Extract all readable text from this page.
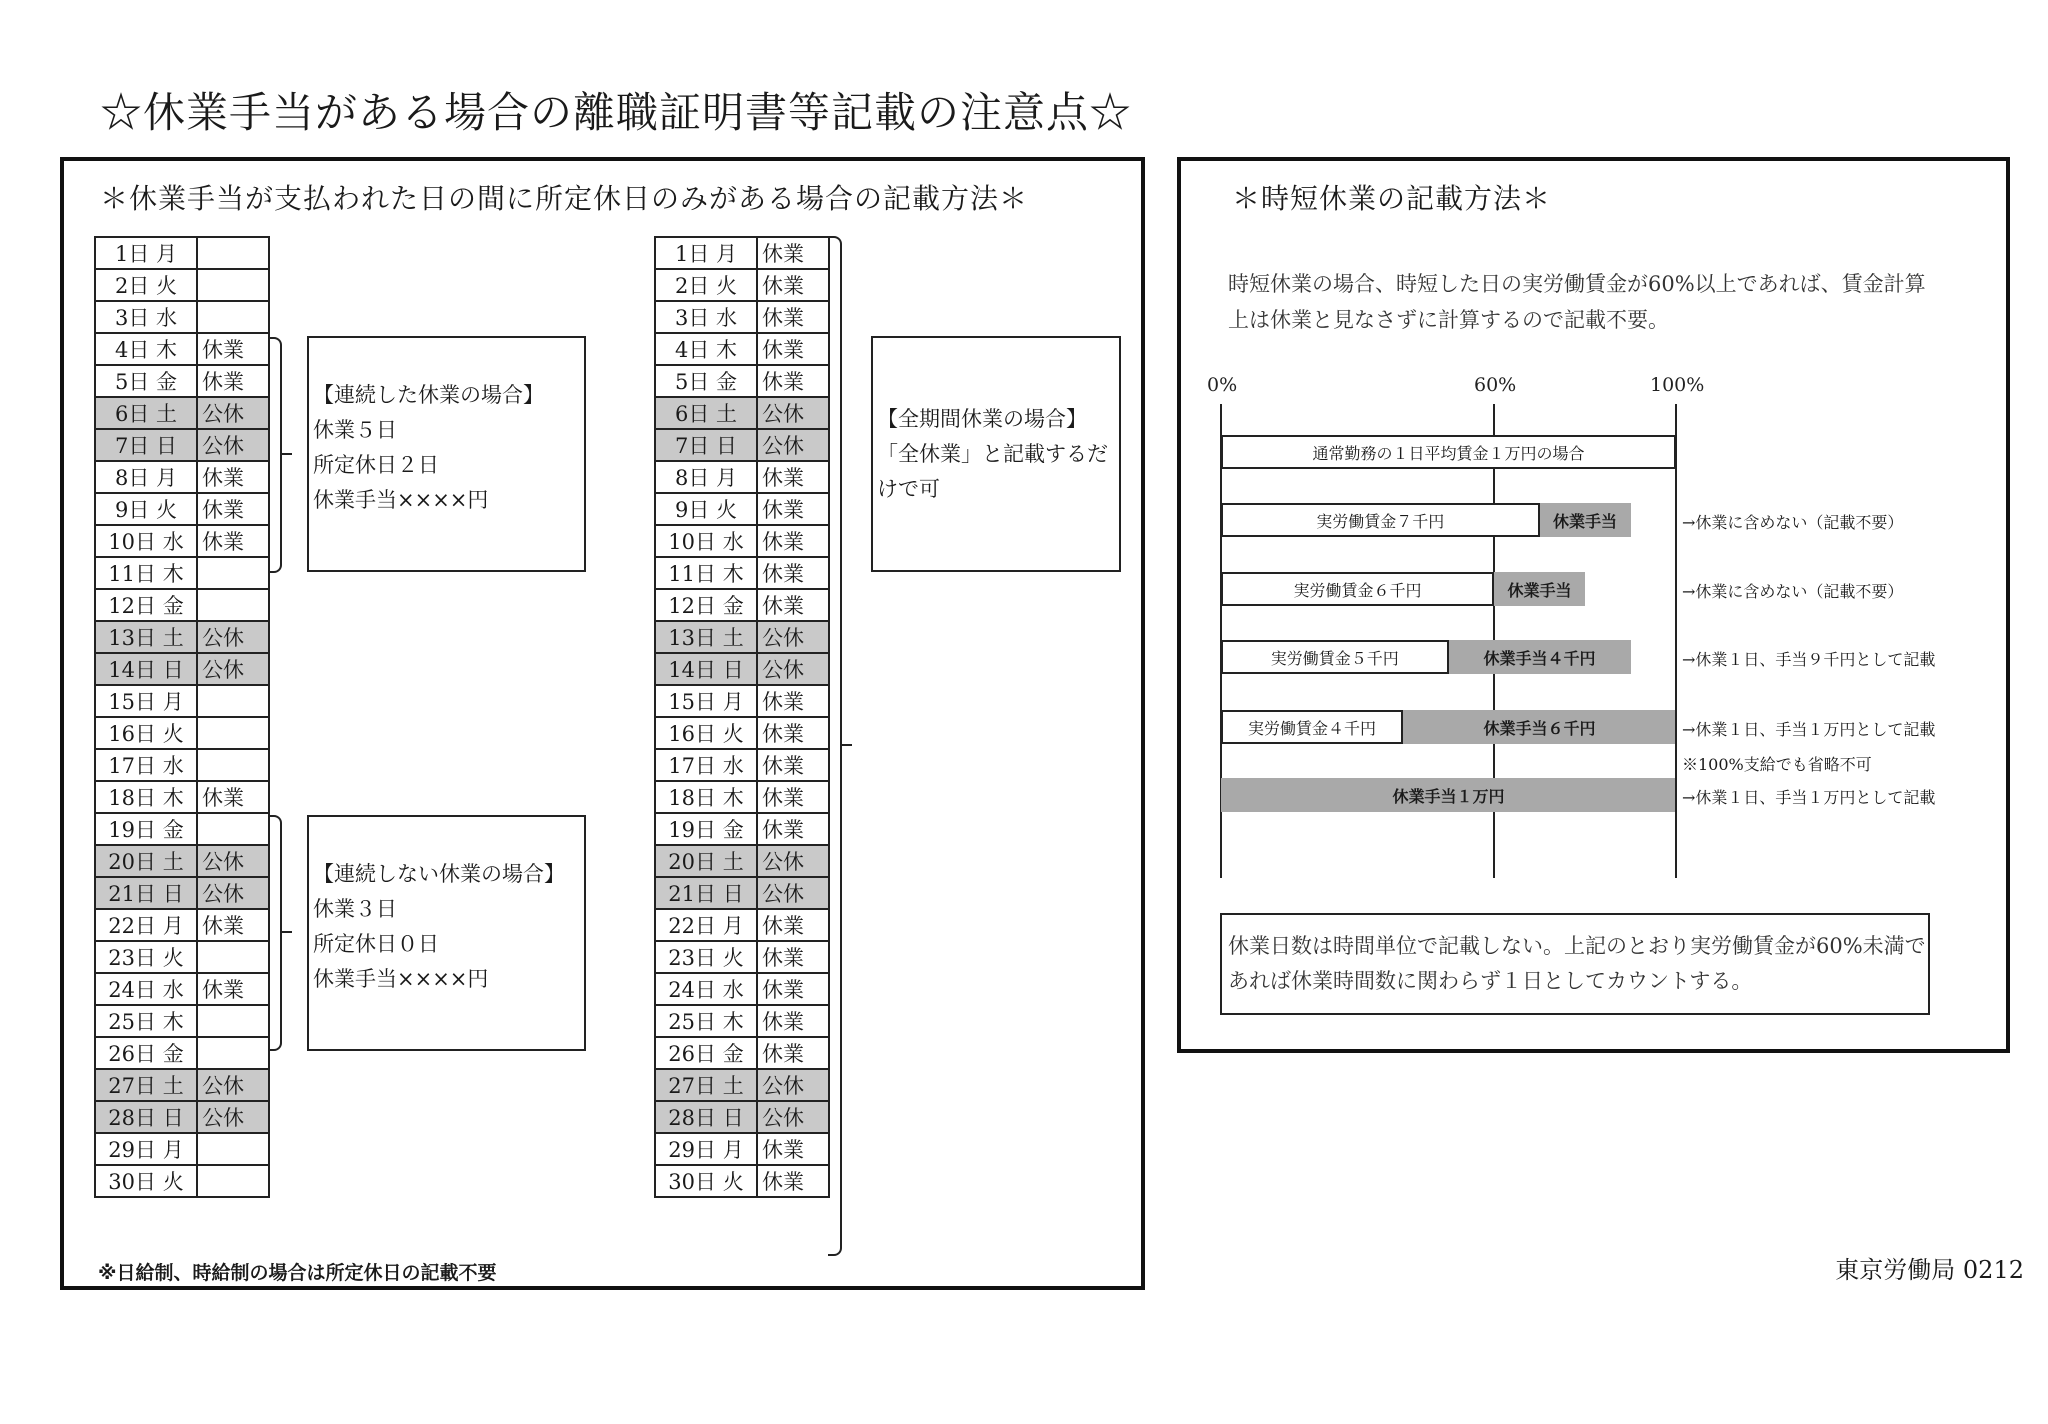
☆休業手当がある場合の離職証明書等記載の注意点☆
＊休業手当が支払われた日の間に所定休日のみがある場合の記載方法＊
1日 月	
2日 火	
3日 水	
4日 木	休業
5日 金	休業
6日 土	公休
7日 日	公休
8日 月	休業
9日 火	休業
10日 水	休業
11日 木	
12日 金	
13日 土	公休
14日 日	公休
15日 月	
16日 火	
17日 水	
18日 木	休業
19日 金	
20日 土	公休
21日 日	公休
22日 月	休業
23日 火	
24日 水	休業
25日 木	
26日 金	
27日 土	公休
28日 日	公休
29日 月	
30日 火	
1日 月	休業
2日 火	休業
3日 水	休業
4日 木	休業
5日 金	休業
6日 土	公休
7日 日	公休
8日 月	休業
9日 火	休業
10日 水	休業
11日 木	休業
12日 金	休業
13日 土	公休
14日 日	公休
15日 月	休業
16日 火	休業
17日 水	休業
18日 木	休業
19日 金	休業
20日 土	公休
21日 日	公休
22日 月	休業
23日 火	休業
24日 水	休業
25日 木	休業
26日 金	休業
27日 土	公休
28日 日	公休
29日 月	休業
30日 火	休業
【連続した休業の場合】
休業５日
所定休日２日
休業手当××××円
【連続しない休業の場合】
休業３日
所定休日０日
休業手当××××円
【全期間休業の場合】
「全休業」と記載するだ
けで可
※日給制、時給制の場合は所定休日の記載不要
＊時短休業の記載方法＊
時短休業の場合、時短した日の実労働賃金が60%以上であれば、賃金計算
上は休業と見なさずに計算するので記載不要。
0%	60%	100%
通常勤務の１日平均賃金１万円の場合
実労働賃金７千円	休業手当	→休業に含めない（記載不要）
実労働賃金６千円	休業手当	→休業に含めない（記載不要）
実労働賃金５千円	休業手当４千円	→休業１日、手当９千円として記載
実労働賃金４千円	休業手当６千円	→休業１日、手当１万円として記載
休業手当１万円	→休業１日、手当１万円として記載
※100%支給でも省略不可
休業日数は時間単位で記載しない。上記のとおり実労働賃金が60%未満で
あれば休業時間数に関わらず１日としてカウントする。
東京労働局 0212
